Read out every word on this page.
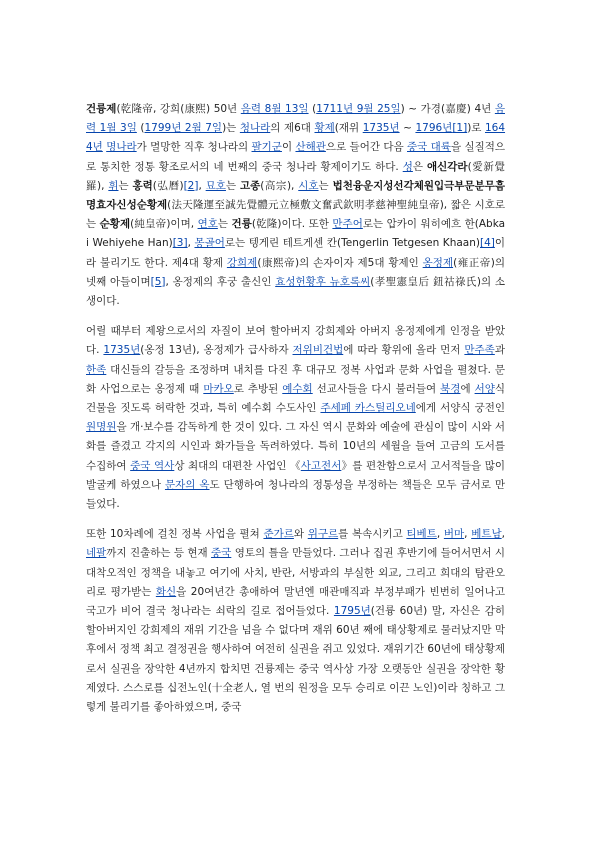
건륭제(乾隆帝, 강희(康熙) 50년 음력 8월 13일 (1711년 9월 25일) ~ 가경(嘉慶) 4년 음력 1월 3일 (1799년 2월 7일)는 청나라의 제6대 황제(재위 1735년 ~ 1796년[1])로 1644년 명나라가 멸망한 직후 청나라의 팔기군이 산해관으로 들어간 다음 중국 대륙을 실질적으로 통치한 정통 황조로서의 네 번째의 중국 청나라 황제이기도 하다. 성은 애신각라(愛新覺羅), 휘는 홍력(弘曆)[2], 묘호는 고종(高宗), 시호는 법천융운지성선각체원입극부문분무흠명효자신성순황제(法天隆運至誠先覺體元立極敷文奮武欽明孝慈神聖純皇帝), 짧은 시호로는 순황제(純皇帝)이며, 연호는 건륭(乾隆)이다. 또한 만주어로는 압카이 워히예흐 한(Abkai Wehiyehe Han)[3], 몽골어로는 텡게린 테트게센 칸(Tengerlin Tetgesen Khaan)[4]이라 불리기도 한다. 제4대 황제 강희제(康熙帝)의 손자이자 제5대 황제인 옹정제(雍正帝)의 넷째 아들이며[5], 옹정제의 후궁 출신인 효성헌황후 뉴호록씨(孝聖憲皇后 鈕祜祿氏)의 소생이다.

어릴 때부터 제왕으로서의 자질이 보여 할아버지 강희제와 아버지 옹정제에게 인정을 받았다. 1735년(옹정 13년), 옹정제가 급사하자 저위비건법에 따라 황위에 올라 먼저 만주족과 한족 대신들의 갈등을 조정하며 내치를 다진 후 대규모 정복 사업과 문화 사업을 펼쳤다. 문화 사업으로는 옹정제 때 마카오로 추방된 예수회 선교사들을 다시 불러들여 북경에 서양식 건물을 짓도록 허락한 것과, 특히 예수회 수도사인 주세페 카스틸리오네에게 서양식 궁전인 원명원을 개·보수를 감독하게 한 것이 있다. 그 자신 역시 문화와 예술에 관심이 많이 시와 서화를 즐겼고 각지의 시인과 화가들을 독려하였다. 특히 10년의 세월을 들여 고금의 도서를 수집하여 중국 역사상 최대의 대편찬 사업인 《사고전서》를 편찬함으로서 고서적들을 많이 발굴케 하였으나 문자의 옥도 단행하여 청나라의 정통성을 부정하는 책들은 모두 금서로 만들었다.

또한 10차례에 걸친 정복 사업을 펼쳐 준가르와 위구르를 복속시키고 티베트, 버마, 베트남, 네팔까지 진출하는 등 현재 중국 영토의 틀을 만들었다. 그러나 집권 후반기에 들어서면서 시대착오적인 정책을 내놓고 여기에 사치, 반란, 서방과의 부실한 외교, 그리고 희대의 탐관오리로 평가받는 화신을 20여년간 총애하여 말년엔 매관매직과 부정부패가 빈번히 일어나고 국고가 비어 결국 청나라는 쇠락의 길로 접어들었다. 1795년(건륭 60년) 말, 자신은 감히 할아버지인 강희제의 재위 기간을 넘을 수 없다며 재위 60년 째에 태상황제로 물러났지만 막후에서 정책 최고 결정권을 행사하여 여전히 실권을 쥐고 있었다. 재위기간 60년에 태상황제로서 실권을 장악한 4년까지 합치면 건륭제는 중국 역사상 가장 오랫동안 실권을 장악한 황제였다. 스스로를 십전노인(十全老人, 열 번의 원정을 모두 승리로 이끈 노인)이라 칭하고 그렇게 불리기를 좋아하였으며, 중국
